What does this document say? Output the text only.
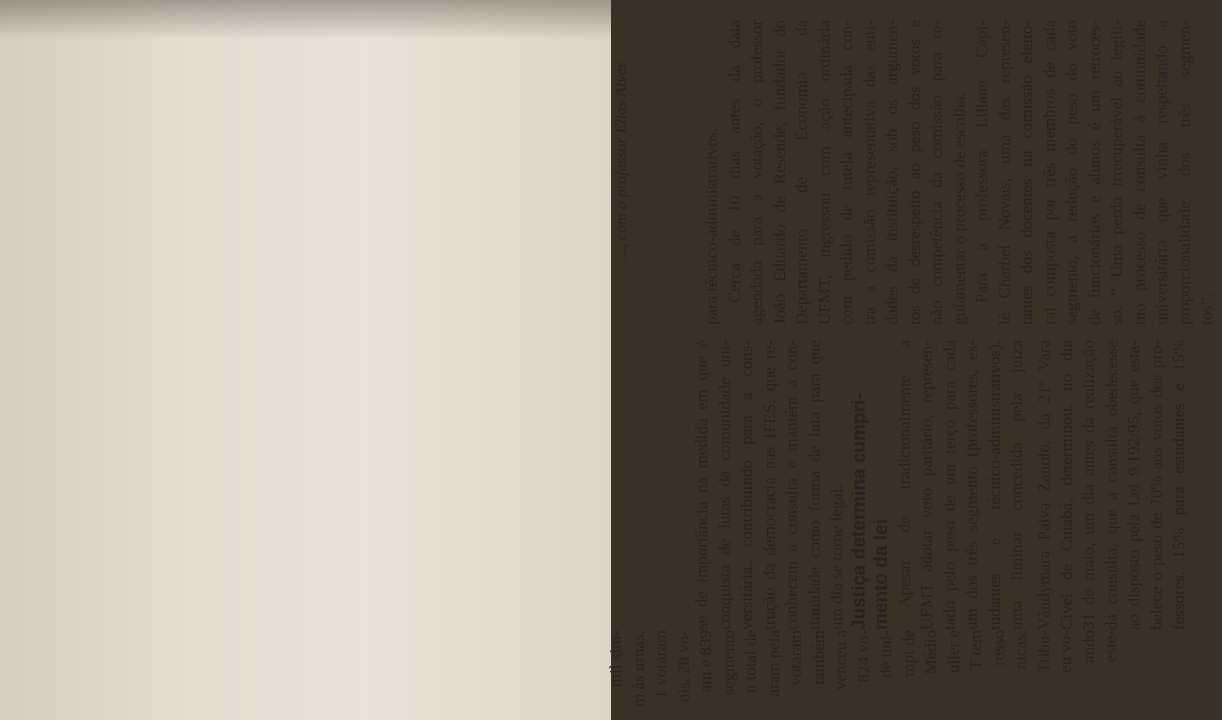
..., com o professor Elias Alves

mil sim- m às urnas. 1 votaram ois, 28 vo- am e 839 segmento n total de aram pela votaram também venceu a 824 vo- de uni- mpi de Médio uller e T tem rosso nicas, Tribu- eu vo- ando este-

se de importância na medida em que é conquista de lutas da comunidade uni- versitária, contribuindo para a cons- trução da democracia nas IFES, que re- conhecem a consulta e mantém a con- tinuidade como forma de luta para que um dia se torne legal. Justiça determina cumpri- mento da lei Apesar de tradicionalmente a UFMT adotar voto paritário, represen- tado pelo peso de um terço para cada um dos três segmento (professores, es- tudantes e técnico-administrativos), uma liminar concedida pela juíza Vândymara Paiva Zanolo, da 21$^a$ Vara Cível de Cuiabá, determinou, no dia 31 de maio, um dia antes da realização da consulta, que a consulta obedecesse ao disposto pela Lei 9.192/95, que esta- belece o peso de 70% aos votos dos pro- fessores, 15% para estudantes e 15%

para técnico-administrativos. Cerca de 10 dias antes da data agendada para a votação, o professor João Eduardo de Resende, fundador do Departamento de Economia da UFMT, ingressou com ação ordinária com pedido de tutela antecipada con- tra a comissão representativa das enti- dades da instituição, sob os argumen- tos de desrespeito ao peso dos votos e não competência da comissão para re- gulamentar o processo de escolha. Para a professora Liliane Capi- lé Charbel Novais, uma das represen- tantes dos docentes na comissão eleito- ral composta por três membros de cada segmento, a redução do peso do voto de funcionários e alunos é um retroces- so. “ Uma perda irrecuperável ao legíti- mo processo de consulta à comunidade universitária que vinha respeitando a proporcionalidade dos três segmen- tos”.
